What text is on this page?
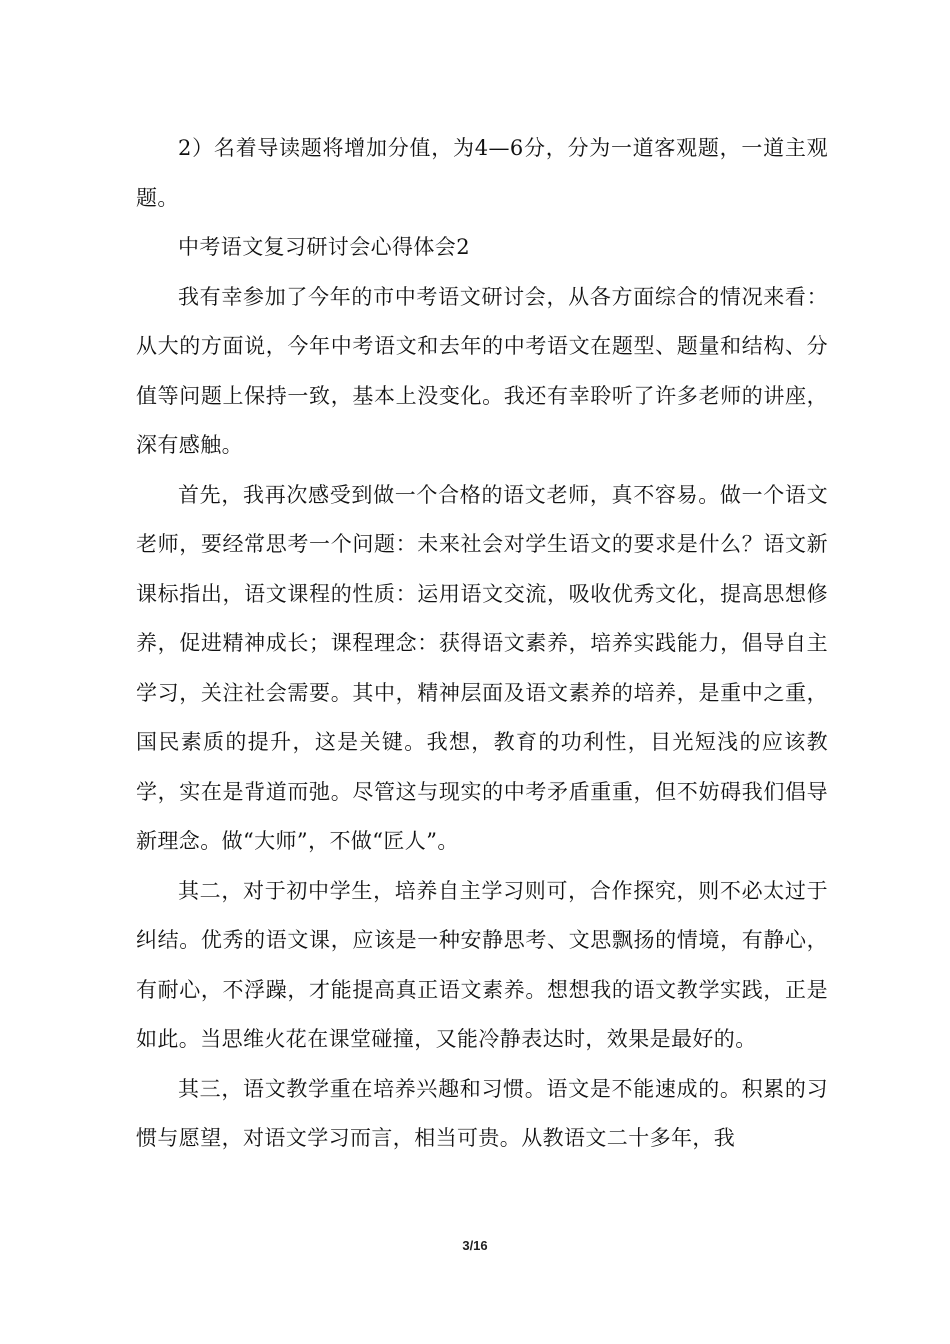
2）名着导读题将增加分值，为4—6分，分为一道客观题，一道主观题。

中考语文复习研讨会心得体会2

我有幸参加了今年的市中考语文研讨会，从各方面综合的情况来看：从大的方面说，今年中考语文和去年的中考语文在题型、题量和结构、分值等问题上保持一致，基本上没变化。我还有幸聆听了许多老师的讲座，深有感触。

首先，我再次感受到做一个合格的语文老师，真不容易。做一个语文老师，要经常思考一个问题：未来社会对学生语文的要求是什么？语文新课标指出，语文课程的性质：运用语文交流，吸收优秀文化，提高思想修养，促进精神成长；课程理念：获得语文素养，培养实践能力，倡导自主学习，关注社会需要。其中，精神层面及语文素养的培养，是重中之重，国民素质的提升，这是关键。我想，教育的功利性，目光短浅的应该教学，实在是背道而弛。尽管这与现实的中考矛盾重重，但不妨碍我们倡导新理念。做“大师”，不做“匠人”。

其二，对于初中学生，培养自主学习则可，合作探究，则不必太过于纠结。优秀的语文课，应该是一种安静思考、文思飘扬的情境，有静心，有耐心，不浮躁，才能提高真正语文素养。想想我的语文教学实践，正是如此。当思维火花在课堂碰撞，又能冷静表达时，效果是最好的。

其三，语文教学重在培养兴趣和习惯。语文是不能速成的。积累的习惯与愿望，对语文学习而言，相当可贵。从教语文二十多年，我

3/16
